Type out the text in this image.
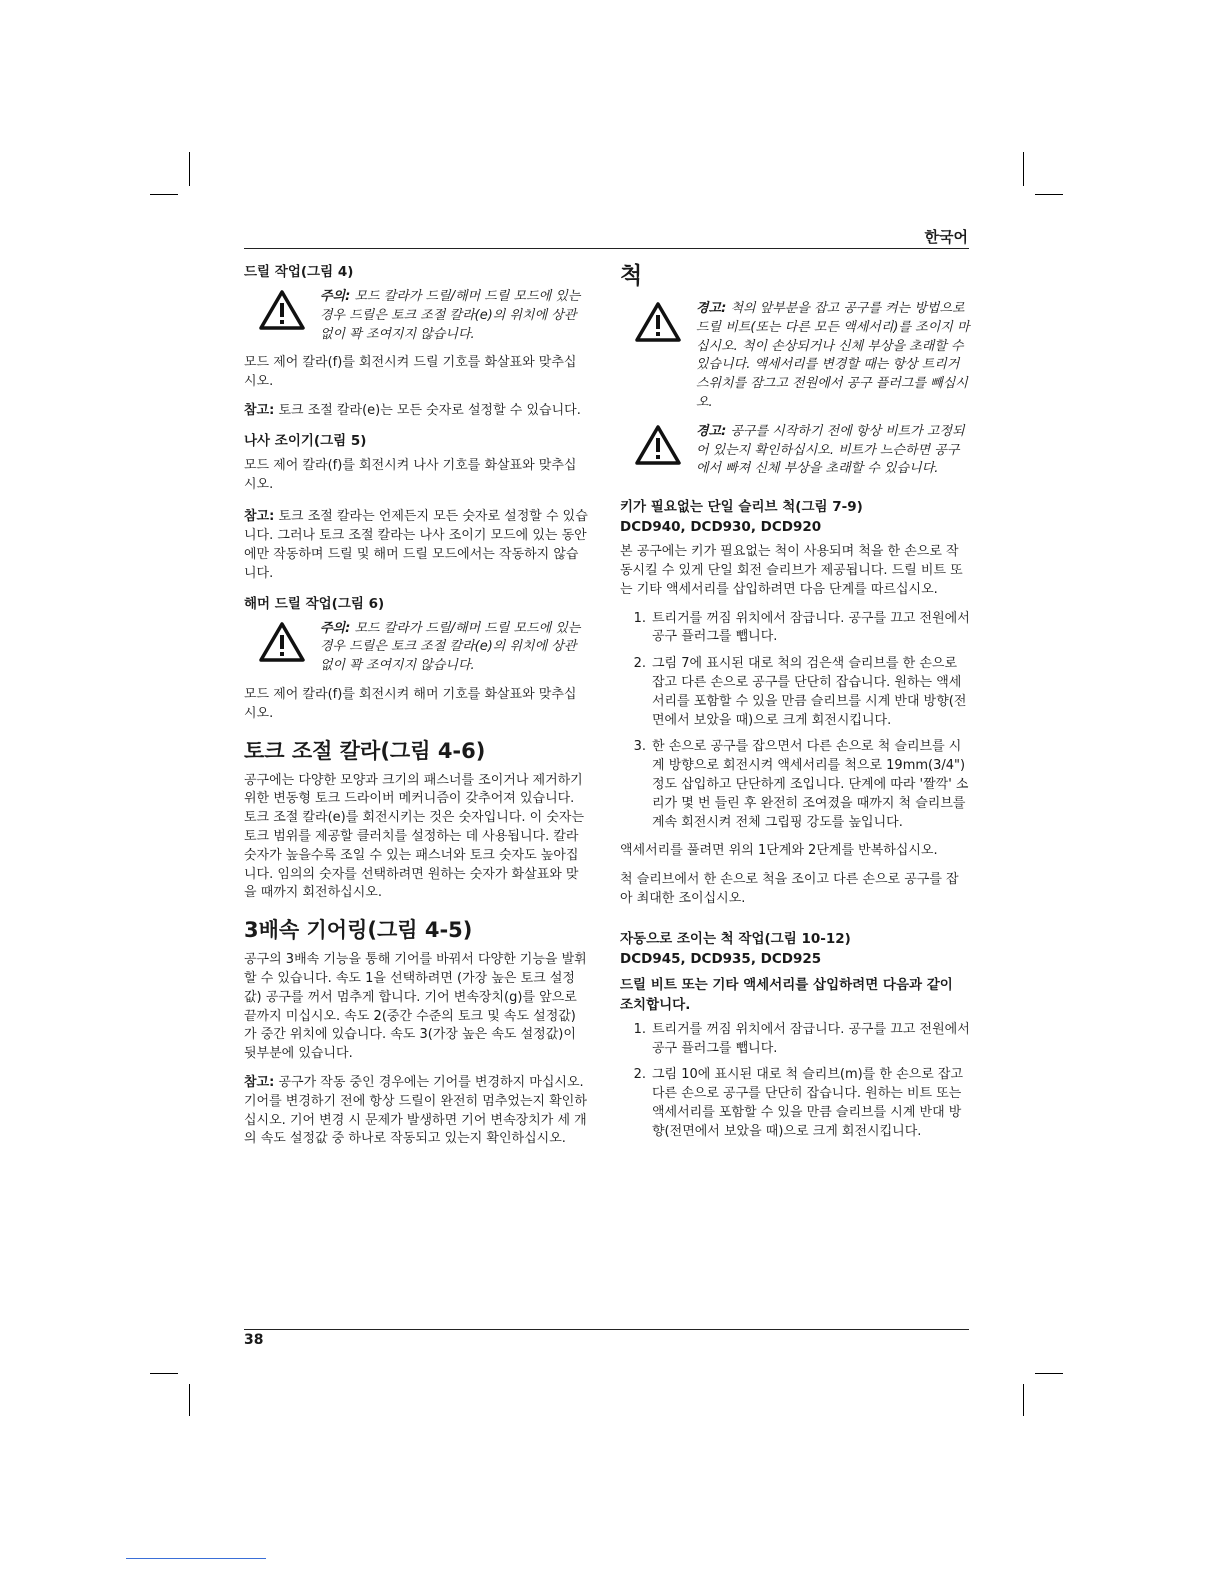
한국어
드릴 작업(그림 4)
주의: 모드 칼라가 드릴/해머 드릴 모드에 있는 경우 드릴은 토크 조절 칼라(e)의 위치에 상관 없이 꽉 조여지지 않습니다.

모드 제어 칼라(f)를 회전시켜 드릴 기호를 화살표와 맞추십시오.

참고: 토크 조절 칼라(e)는 모든 숫자로 설정할 수 있습니다.

나사 조이기(그림 5)

모드 제어 칼라(f)를 회전시켜 나사 기호를 화살표와 맞추십시오.

참고: 토크 조절 칼라는 언제든지 모든 숫자로 설정할 수 있습니다. 그러나 토크 조절 칼라는 나사 조이기 모드에 있는 동안에만 작동하며 드릴 및 해머 드릴 모드에서는 작동하지 않습니다.

해머 드릴 작업(그림 6)
주의: 모드 칼라가 드릴/해머 드릴 모드에 있는 경우 드릴은 토크 조절 칼라(e)의 위치에 상관 없이 꽉 조여지지 않습니다.

모드 제어 칼라(f)를 회전시켜 해머 기호를 화살표와 맞추십시오.

토크 조절 칼라(그림 4-6)

공구에는 다양한 모양과 크기의 패스너를 조이거나 제거하기 위한 변동형 토크 드라이버 메커니즘이 갖추어져 있습니다. 토크 조절 칼라(e)를 회전시키는 것은 숫자입니다. 이 숫자는 토크 범위를 제공할 클러치를 설정하는 데 사용됩니다. 칼라 숫자가 높을수록 조일 수 있는 패스너와 토크 숫자도 높아집니다. 임의의 숫자를 선택하려면 원하는 숫자가 화살표와 맞을 때까지 회전하십시오.

3배속 기어링(그림 4-5)

공구의 3배속 기능을 통해 기어를 바꿔서 다양한 기능을 발휘할 수 있습니다. 속도 1을 선택하려면 (가장 높은 토크 설정값) 공구를 꺼서 멈추게 합니다. 기어 변속장치(g)를 앞으로 끝까지 미십시오. 속도 2(중간 수준의 토크 및 속도 설정값)가 중간 위치에 있습니다. 속도 3(가장 높은 속도 설정값)이 뒷부분에 있습니다.

참고: 공구가 작동 중인 경우에는 기어를 변경하지 마십시오. 기어를 변경하기 전에 항상 드릴이 완전히 멈추었는지 확인하십시오. 기어 변경 시 문제가 발생하면 기어 변속장치가 세 개의 속도 설정값 중 하나로 작동되고 있는지 확인하십시오.

척
경고: 척의 앞부분을 잡고 공구를 켜는 방법으로 드릴 비트(또는 다른 모든 액세서리)를 조이지 마십시오. 척이 손상되거나 신체 부상을 초래할 수 있습니다. 액세서리를 변경할 때는 항상 트리거 스위치를 잠그고 전원에서 공구 플러그를 빼십시오.
경고: 공구를 시작하기 전에 항상 비트가 고정되어 있는지 확인하십시오. 비트가 느슨하면 공구에서 빠져 신체 부상을 초래할 수 있습니다.
키가 필요없는 단일 슬리브 척(그림 7-9)
DCD940, DCD930, DCD920

본 공구에는 키가 필요없는 척이 사용되며 척을 한 손으로 작동시킬 수 있게 단일 회전 슬리브가 제공됩니다. 드릴 비트 또는 기타 액세서리를 삽입하려면 다음 단계를 따르십시오.

1. 트리거를 꺼짐 위치에서 잠급니다. 공구를 끄고 전원에서 공구 플러그를 뺍니다.
2. 그림 7에 표시된 대로 척의 검은색 슬리브를 한 손으로 잡고 다른 손으로 공구를 단단히 잡습니다. 원하는 액세서리를 포함할 수 있을 만큼 슬리브를 시계 반대 방향(전면에서 보았을 때)으로 크게 회전시킵니다.
3. 한 손으로 공구를 잡으면서 다른 손으로 척 슬리브를 시계 방향으로 회전시켜 액세서리를 척으로 19mm(3/4") 정도 삽입하고 단단하게 조입니다. 단계에 따라 '짤깍' 소리가 몇 번 들린 후 완전히 조여졌을 때까지 척 슬리브를 계속 회전시켜 전체 그립핑 강도를 높입니다.

액세서리를 풀려면 위의 1단계와 2단계를 반복하십시오.

척 슬리브에서 한 손으로 척을 조이고 다른 손으로 공구를 잡아 최대한 조이십시오.

자동으로 조이는 척 작업(그림 10-12)
DCD945, DCD935, DCD925
드릴 비트 또는 기타 액세서리를 삽입하려면 다음과 같이 조치합니다.
1. 트리거를 꺼짐 위치에서 잠급니다. 공구를 끄고 전원에서 공구 플러그를 뺍니다.
2. 그림 10에 표시된 대로 척 슬리브(m)를 한 손으로 잡고 다른 손으로 공구를 단단히 잡습니다. 원하는 비트 또는 액세서리를 포함할 수 있을 만큼 슬리브를 시계 반대 방향(전면에서 보았을 때)으로 크게 회전시킵니다.
38
